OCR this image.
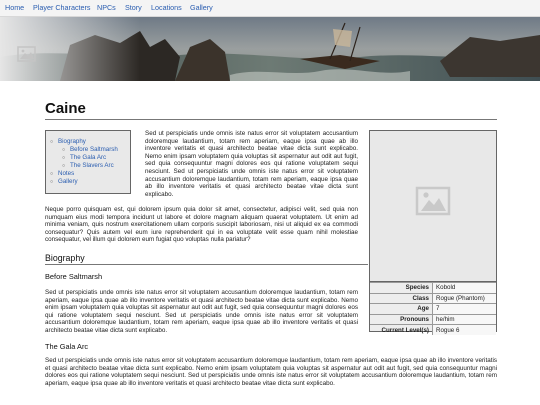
Home Player Characters NPCs Story Locations Gallery
Caine
○ Biography
○ Before Saltmarsh
○ The Gala Arc
○ The Slavers Arc
○ Notes
○ Gallery

Sed ut perspiciatis unde omnis iste natus error sit voluptatem accusantium doloremque laudantium, totam rem aperiam, eaque ipsa quae ab illo inventore veritatis et quasi architecto beatae vitae dicta sunt explicabo. Nemo enim ipsam voluptatem quia voluptas sit aspernatur aut odit aut fugit, sed quia consequuntur magni dolores eos qui ratione voluptatem sequi nesciunt. Sed ut perspiciatis unde omnis iste natus error sit voluptatem accusantium doloremque laudantium, totam rem aperiam, eaque ipsa quae ab illo inventore veritatis et quasi architecto beatae vitae dicta sunt explicabo.

Neque porro quisquam est, qui dolorem ipsum quia dolor sit amet, consectetur, adipisci velit, sed quia non numquam eius modi tempora incidunt ut labore et dolore magnam aliquam quaerat voluptatem. Ut enim ad minima veniam, quis nostrum exercitationem ullam corporis suscipit laboriosam, nisi ut aliquid ex ea commodi consequatur? Quis autem vel eum iure reprehenderit qui in ea voluptate velit esse quam nihil molestiae consequatur, vel illum qui dolorem eum fugiat quo voluptas nulla pariatur?

Biography
Before Saltmarsh

Sed ut perspiciatis unde omnis iste natus error sit voluptatem accusantium doloremque laudantium, totam rem aperiam, eaque ipsa quae ab illo inventore veritatis et quasi architecto beatae vitae dicta sunt explicabo. Nemo enim ipsam voluptatem quia voluptas sit aspernatur aut odit aut fugit, sed quia consequuntur magni dolores eos qui ratione voluptatem sequi nesciunt. Sed ut perspiciatis unde omnis iste natus error sit voluptatem accusantium doloremque laudantium, totam rem aperiam, eaque ipsa quae ab illo inventore veritatis et quasi architecto beatae vitae dicta sunt explicabo.

The Gala Arc

Sed ut perspiciatis unde omnis iste natus error sit voluptatem accusantium doloremque laudantium, totam rem aperiam, eaque ipsa quae ab illo inventore veritatis et quasi architecto beatae vitae dicta sunt explicabo. Nemo enim ipsam voluptatem quia voluptas sit aspernatur aut odit aut fugit, sed quia consequuntur magni dolores eos qui ratione voluptatem sequi nesciunt. Sed ut perspiciatis unde omnis iste natus error sit voluptatem accusantium doloremque laudantium, totam rem aperiam, eaque ipsa quae ab illo inventore veritatis et quasi architecto beatae vitae dicta sunt explicabo.

Species	Kobold
Class	Rogue (Phantom)
Age	7
Pronouns	he/him
Current Level(s)	Rogue 6
